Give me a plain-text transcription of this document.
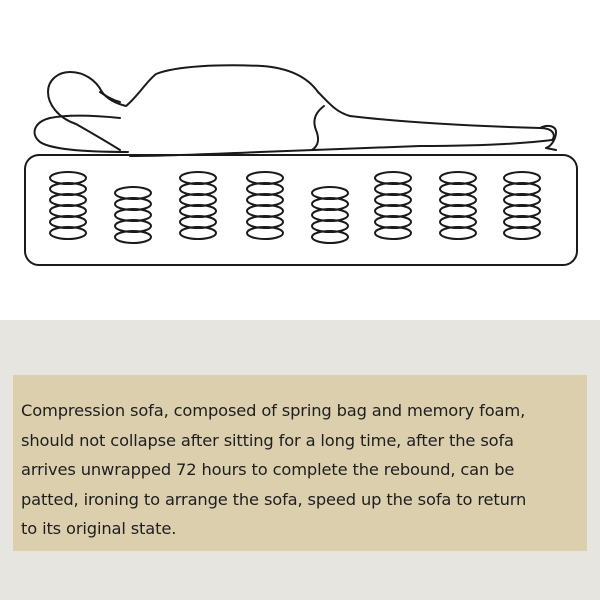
Compression sofa, composed of spring bag and memory foam,
should not collapse after sitting for a long time, after the sofa
arrives unwrapped 72 hours to complete the rebound, can be
patted, ironing to arrange the sofa, speed up the sofa to return
to its original state.
